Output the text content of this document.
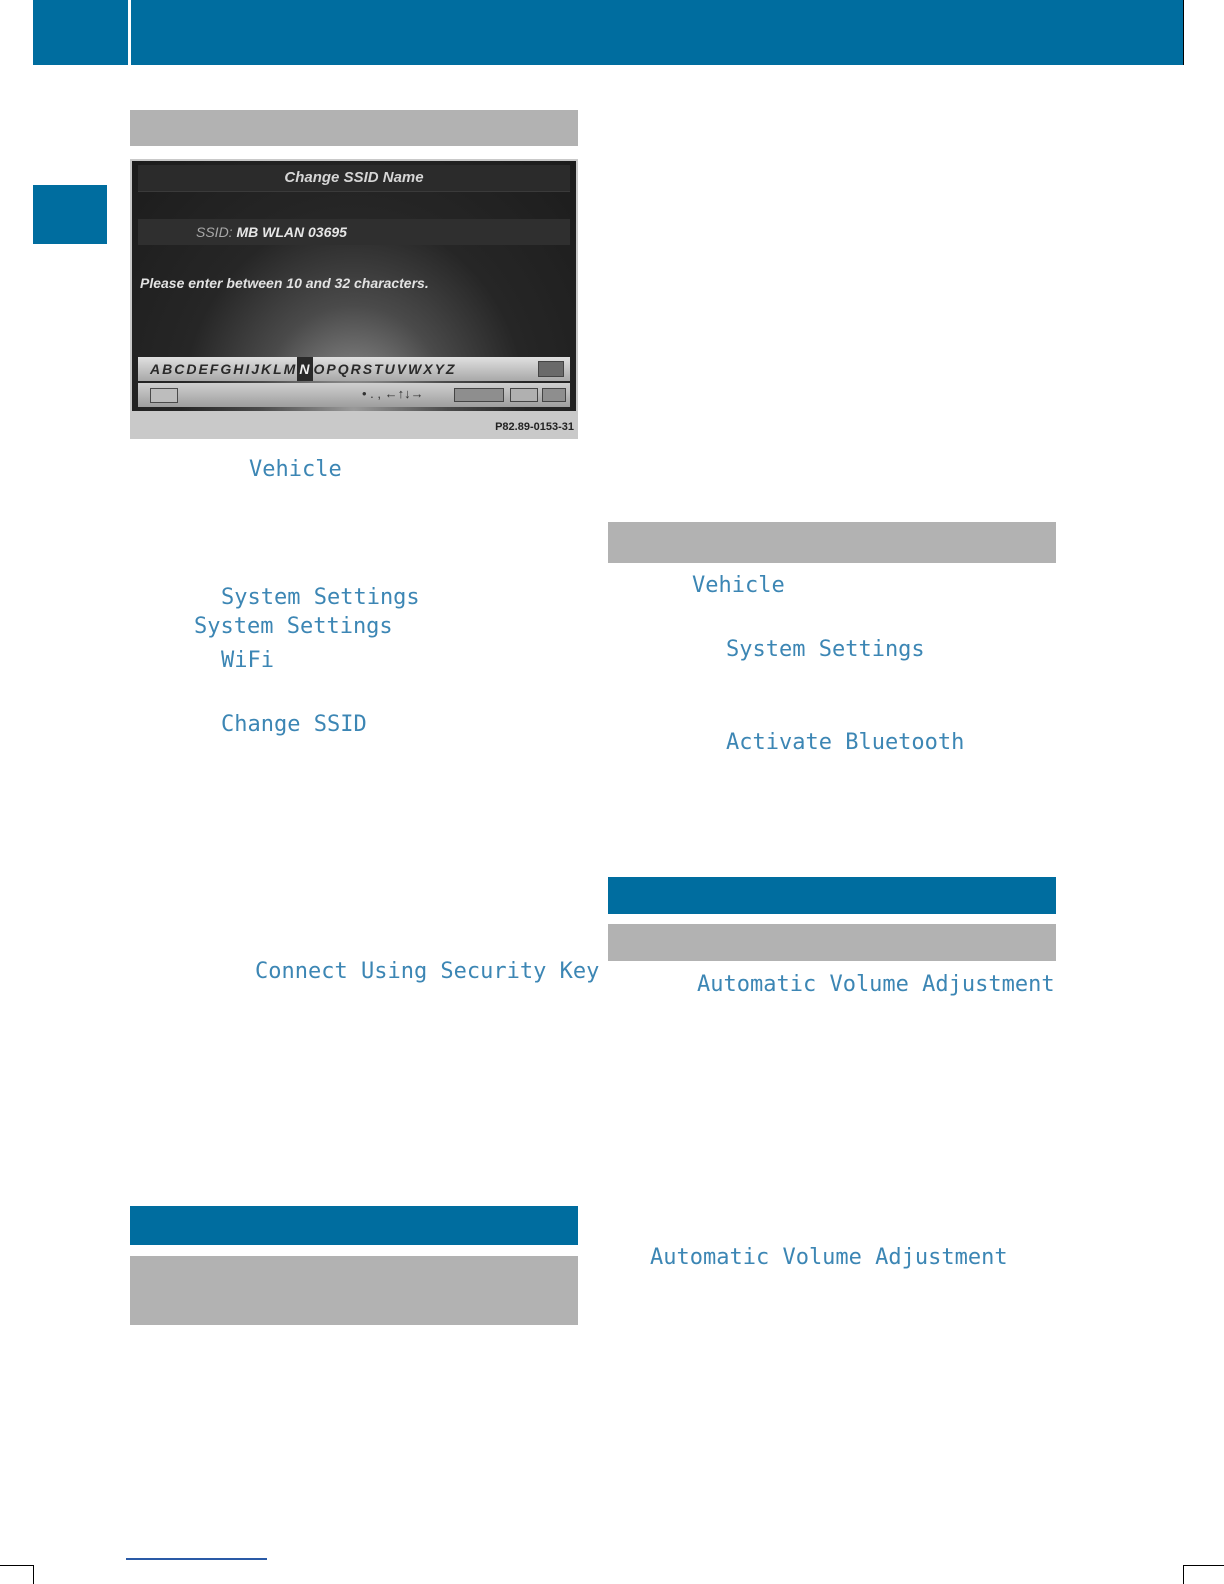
Change SSID Name
SSID: MB WLAN 03695
Please enter between 10 and 32 characters.
ABCDEFGHIJKLM N OPQRSTUVWXYZ
• . , ←↑↓→
P82.89-0153-31
Vehicle
System Settings
System Settings
WiFi
Change SSID
Connect Using Security Key
Vehicle
System Settings
Activate Bluetooth
Automatic Volume Adjustment
Automatic Volume Adjustment
